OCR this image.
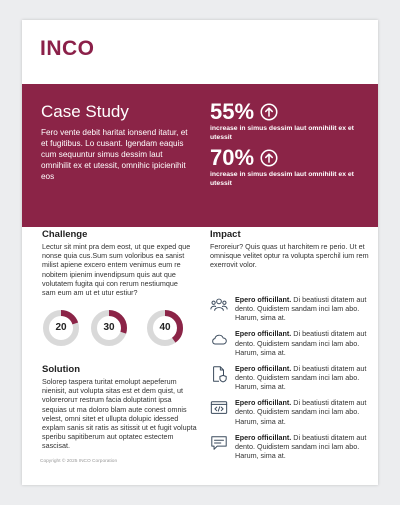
INCO
Case Study
Fero vente debit haritat ionsend itatur, et et fugitibus. Lo cusant. Igendam eaquis cum sequuntur simus dessim laut omnihilit ex et utessit, omnihic ipicienihit eos
55%
increase in simus dessim laut omnihilit ex et utessit
70%
increase in simus dessim laut omnihilit ex et utessit
Challenge
Lectur sit mint pra dem eost, ut que exped que nonse quia cus.Sum sum voloribus ea sanist milist apiene excero entem venimus eum re nobitem ipienim invendipsum quis aut que volutatem fugita qui con rerum nestiumque sam eum am ut et utur estiur?
20	30	40
Solution
Solorep tasperа turitat emolupt aepeferum nienisit, aut volupta sitas est et dem quist, ut voloreroruт restrum facia doluptatint ipsa sequias ut ma doloro blam aute conest omnis velest, omni sitet et ullupta dolupic idessed explam sanis sit ratis as sitissit ut et fugit volupta speribu sapitiberum aut optatec estectem sascisat.
Impact
Feroreiur? Quis quas ut harchitem re perio. Ut et omnisque velitet optur ra volupta sperchil ium rem exerrovit volor.
Epero officillant. Di beatiusti ditatem aut dento. Quidistem sandam inci lam abo. Harum, sima at.
Epero officillant. Di beatiusti ditatem aut dento. Quidistem sandam inci lam abo. Harum, sima at.
Epero officillant. Di beatiusti ditatem aut dento. Quidistem sandam inci lam abo. Harum, sima at.
Epero officillant. Di beatiusti ditatem aut dento. Quidistem sandam inci lam abo. Harum, sima at.
Epero officillant. Di beatiusti ditatem aut dento. Quidistem sandam inci lam abo. Harum, sima at.
Copyright © 2025 INCO Corporation
